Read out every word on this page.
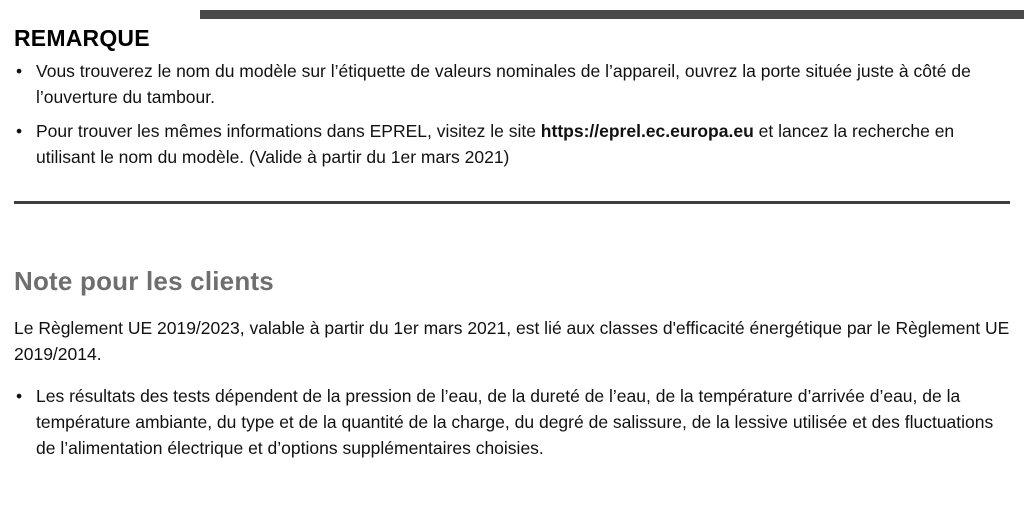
REMARQUE
• Vous trouverez le nom du modèle sur l’étiquette de valeurs nominales de l’appareil, ouvrez la porte située juste à côté de l’ouverture du tambour.
• Pour trouver les mêmes informations dans EPREL, visitez le site https://eprel.ec.europa.eu et lancez la recherche en utilisant le nom du modèle. (Valide à partir du 1er mars 2021)
Note pour les clients

Le Règlement UE 2019/2023, valable à partir du 1er mars 2021, est lié aux classes d'efficacité énergétique par le Règlement UE 2019/2014.

• Les résultats des tests dépendent de la pression de l’eau, de la dureté de l’eau, de la température d’arrivée d’eau, de la température ambiante, du type et de la quantité de la charge, du degré de salissure, de la lessive utilisée et des fluctuations de l’alimentation électrique et d’options supplémentaires choisies.
